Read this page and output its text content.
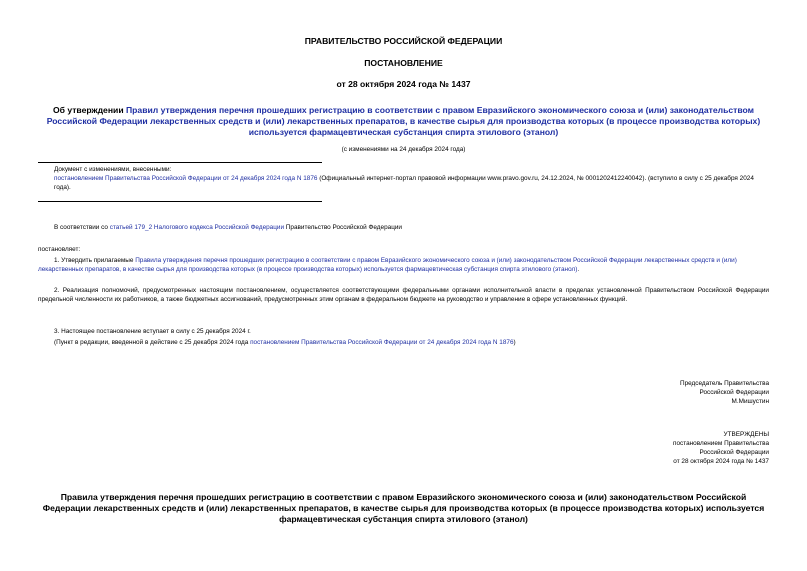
ПРАВИТЕЛЬСТВО РОССИЙСКОЙ ФЕДЕРАЦИИ
ПОСТАНОВЛЕНИЕ
от 28 октября 2024 года № 1437
Об утверждении Правил утверждения перечня прошедших регистрацию в соответствии с правом Евразийского экономического союза и (или) законодательством Российской Федерации лекарственных средств и (или) лекарственных препаратов, в качестве сырья для производства которых (в процессе производства которых) используется фармацевтическая субстанция спирта этилового (этанол)
(с изменениями на 24 декабря 2024 года)
Документ с изменениями, внесенными:
постановлением Правительства Российской Федерации от 24 декабря 2024 года N 1876 (Официальный интернет-портал правовой информации www.pravo.gov.ru, 24.12.2024, № 0001202412240042). (вступило в силу с 25 декабря 2024 года).
В соответствии со статьей 179_2 Налогового кодекса Российской Федерации Правительство Российской Федерации
постановляет:
1. Утвердить прилагаемые Правила утверждения перечня прошедших регистрацию в соответствии с правом Евразийского экономического союза и (или) законодательством Российской Федерации лекарственных средств и (или) лекарственных препаратов, в качестве сырья для производства которых (в процессе производства которых) используется фармацевтическая субстанция спирта этилового (этанол).
2. Реализация полномочий, предусмотренных настоящим постановлением, осуществляется соответствующими федеральными органами исполнительной власти в пределах установленной Правительством Российской Федерации предельной численности их работников, а также бюджетных ассигнований, предусмотренных этим органам в федеральном бюджете на руководство и управление в сфере установленных функций.
3. Настоящее постановление вступает в силу с 25 декабря 2024 г.
(Пункт в редакции, введенной в действие с 25 декабря 2024 года постановлением Правительства Российской Федерации от 24 декабря 2024 года N 1876)
Председатель Правительства
Российской Федерации
М.Мишустин
УТВЕРЖДЕНЫ
постановлением Правительства
Российской Федерации
от 28 октября 2024 года № 1437
Правила утверждения перечня прошедших регистрацию в соответствии с правом Евразийского экономического союза и (или) законодательством Российской Федерации лекарственных средств и (или) лекарственных препаратов, в качестве сырья для производства которых (в процессе производства которых) используется фармацевтическая субстанция спирта этилового (этанол)
